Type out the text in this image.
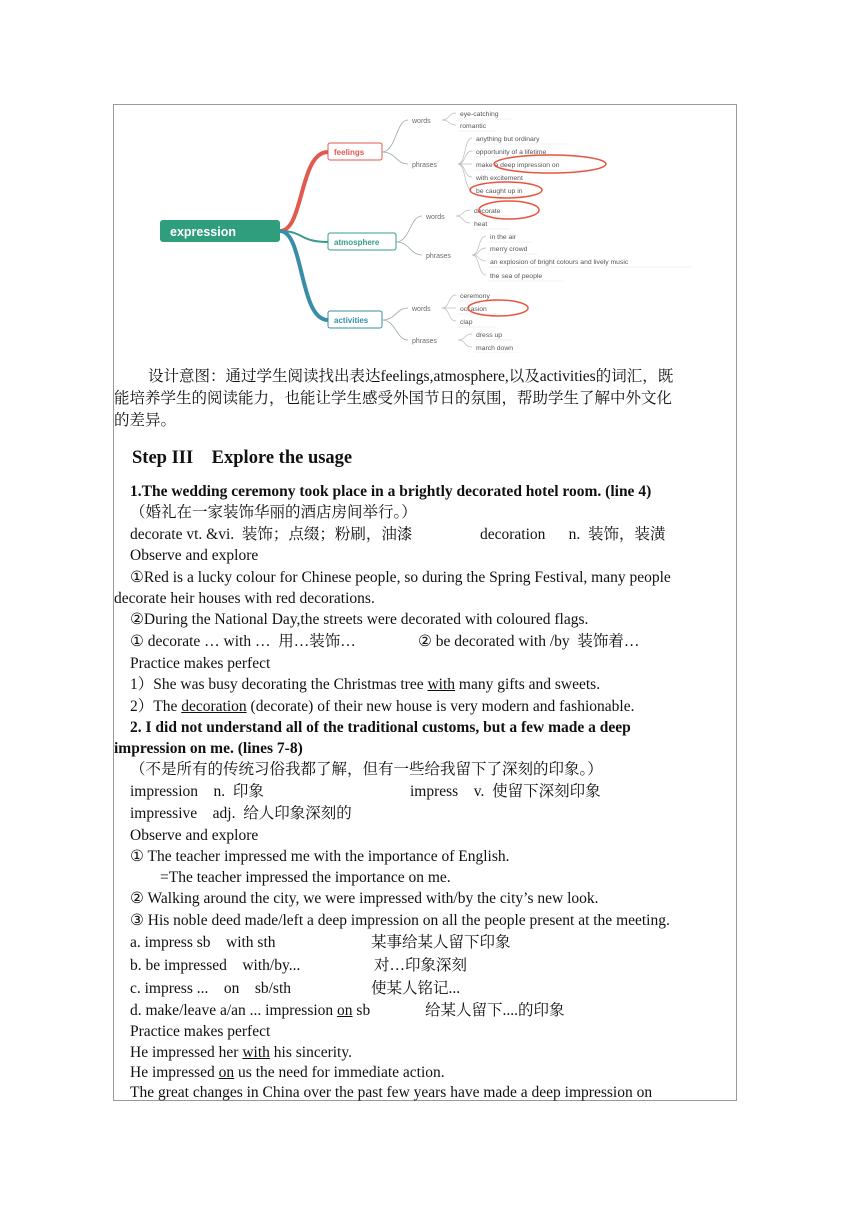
expression
feelings
words
eye-catching
romantic
phrases
anything but ordinary
opportunity of a lifetime
make a deep impression on
with excitement
be caught up in
atmosphere
words
decorate
heat
phrases
in the air
merry crowd
an explosion of bright colours and lively music
the sea of people
activities
words
ceremony
occasion
clap
phrases
dress up
march down
设计意图：通过学生阅读找出表达feelings,atmosphere,以及activities的词汇，既
能培养学生的阅读能力，也能让学生感受外国节日的氛围，帮助学生了解中外文化
的差异。
Step III    Explore the usage
1.The wedding ceremony took place in a brightly decorated hotel room. (line 4)
（婚礼在一家装饰华丽的酒店房间举行。）
decorate vt. &vi.  装饰；点缀；粉刷，油漆	decoration      n.  装饰，装潢
Observe and explore
①Red is a lucky colour for Chinese people, so during the Spring Festival, many people
decorate heir houses with red decorations.
②During the National Day,the streets were decorated with coloured flags.
① decorate … with …  用…装饰…	② be decorated with /by  装饰着…
Practice makes perfect
1）She was busy decorating the Christmas tree with many gifts and sweets.
2）The decoration (decorate) of their new house is very modern and fashionable.
2. I did not understand all of the traditional customs, but a few made a deep
impression on me. (lines 7-8)
（不是所有的传统习俗我都了解，但有一些给我留下了深刻的印象。）
impression    n.  印象	impress    v.  使留下深刻印象
impressive    adj.  给人印象深刻的
Observe and explore
① The teacher impressed me with the importance of English.
=The teacher impressed the importance on me.
② Walking around the city, we were impressed with/by the city’s new look.
③ His noble deed made/left a deep impression on all the people present at the meeting.
a. impress sb    with sth	某事给某人留下印象
b. be impressed    with/by...	对…印象深刻
c. impress ...    on    sb/sth	使某人铭记...
d. make/leave a/an ... impression on sb	给某人留下....的印象
Practice makes perfect
He impressed her with his sincerity.
He impressed on us the need for immediate action.
The great changes in China over the past few years have made a deep impression on
